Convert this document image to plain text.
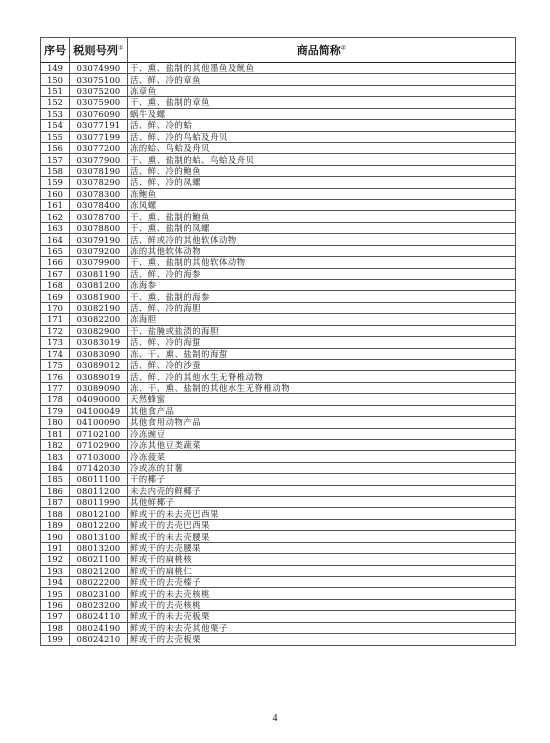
序号	税则号列①	商品简称②
149	03074990	干、熏、盐制的其他墨鱼及鱿鱼
150	03075100	活、鲜、冷的章鱼
151	03075200	冻章鱼
152	03075900	干、熏、盐制的章鱼
153	03076090	蜗牛及螺
154	03077191	活、鲜、冷的蛤
155	03077199	活、鲜、冷的鸟蛤及舟贝
156	03077200	冻的蛤、鸟蛤及舟贝
157	03077900	干、熏、盐制的蛤、鸟蛤及舟贝
158	03078190	活、鲜、冷的鲍鱼
159	03078290	活、鲜、冷的凤螺
160	03078300	冻鲍鱼
161	03078400	冻凤螺
162	03078700	干、熏、盐制的鲍鱼
163	03078800	干、熏、盐制的凤螺
164	03079190	活、鲜或冷的其他软体动物
165	03079200	冻的其他软体动物
166	03079900	干、熏、盐制的其他软体动物
167	03081190	活、鲜、冷的海参
168	03081200	冻海参
169	03081900	干、熏、盐制的海参
170	03082190	活、鲜、冷的海胆
171	03082200	冻海胆
172	03082900	干、盐腌或盐渍的海胆
173	03083019	活、鲜、冷的海蜇
174	03083090	冻、干、熏、盐制的海蜇
175	03089012	活、鲜、冷的沙蚕
176	03089019	活、鲜、冷的其他水生无脊椎动物
177	03089090	冻、干、熏、盐制的其他水生无脊椎动物
178	04090000	天然蜂蜜
179	04100049	其他食产品
180	04100090	其他食用动物产品
181	07102100	冷冻豌豆
182	07102900	冷冻其他豆类蔬菜
183	07103000	冷冻菠菜
184	07142030	冷或冻的甘薯
185	08011100	干的椰子
186	08011200	未去内壳的鲜椰子
187	08011990	其他鲜椰子
188	08012100	鲜或干的未去壳巴西果
189	08012200	鲜或干的去壳巴西果
190	08013100	鲜或干的未去壳腰果
191	08013200	鲜或干的去壳腰果
192	08021100	鲜或干的扁桃核
193	08021200	鲜或干的扁桃仁
194	08022200	鲜或干的去壳榛子
195	08023100	鲜或干的未去壳核桃
196	08023200	鲜或干的去壳核桃
197	08024110	鲜或干的未去壳板栗
198	08024190	鲜或干的未去壳其他栗子
199	08024210	鲜或干的去壳板栗
4
